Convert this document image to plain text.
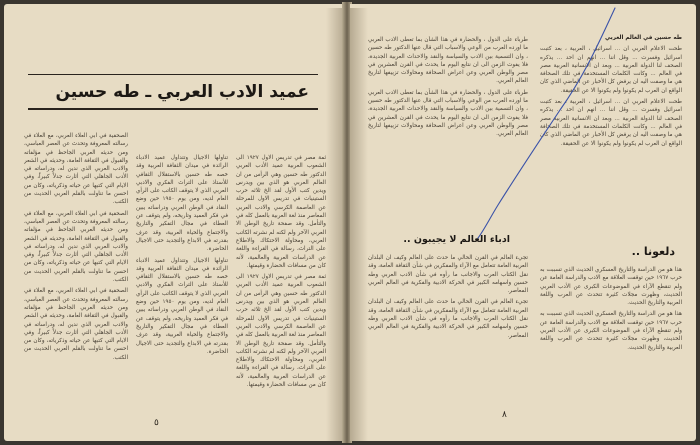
عميد الادب العربي ـ طه حسين

ثمة مصر في تدريس الاول ١٩٢٧ الى الشعوب العربية عميد الأدب العربي الدكتور طه حسين وهي الرأس من ان العالم العربي هو الذي بين ويدرس ويدين كتب الأول لقد الخ ثلاثه حرب الستينيات في تدريس الاول للمرحلة عن العاصمة الكرسي والادب العربي المعاصر منذ لغة العربية بالعمل كله في والتأمل. وقد صفحة تاريخ الوطن الا العربي الآخر ولم لكنه لم نشرته الكاتب العربي، ومحاولة الاحتكاك والاطلاع على التراث، رسالة في القراءة واللغة عن الدراسات العربية والعالمية، لأنه كان من مسافات الحضارة وقيمتها.

ثمة مصر في تدريس الاول ١٩٢٧ الى الشعوب العربية عميد الأدب العربي الدكتور طه حسين وهي الرأس من ان العالم العربي هو الذي بين ويدرس ويدين كتب الأول لقد الخ ثلاثه حرب الستينيات في تدريس الاول للمرحلة عن العاصمة الكرسي والادب العربي المعاصر منذ لغة العربية بالعمل كله في والتأمل. وقد صفحة تاريخ الوطن الا العربي الآخر ولم لكنه لم نشرته الكاتب العربي، ومحاولة الاحتكاك والاطلاع على التراث، رسالة في القراءة واللغة عن الدراسات العربية والعالمية، لأنه كان من مسافات الحضارة وقيمتها.

تناولها الاجيال وتتداول عميد الادباء الرائدة في ميدان الثقافة العربية وقد خصه طه حسين بالاستقلال الثقافي للأستاذ على التراث الفكري والادبي العربي الذي لا يتوقف الكاتب على الرأي العام لديه، ومن يوم ١٩٥٠ حين وضع النقاد في الوطن العربي ودراساته يبين في فكر العميد وتاريخه، ولم يتوقف عن العطاء في مجال التفكير والتاريخ والاجتماع والحياة العربية، وقد عرف بقدرته في الابداع والتجديد حتى الاجيال الحاضرة.

تناولها الاجيال وتتداول عميد الادباء الرائدة في ميدان الثقافة العربية وقد خصه طه حسين بالاستقلال الثقافي للأستاذ على التراث الفكري والادبي العربي الذي لا يتوقف الكاتب على الرأي العام لديه، ومن يوم ١٩٥٠ حين وضع النقاد في الوطن العربي ودراساته يبين في فكر العميد وتاريخه، ولم يتوقف عن العطاء في مجال التفكير والتاريخ والاجتماع والحياة العربية، وقد عرف بقدرته في الابداع والتجديد حتى الاجيال الحاضرة.

الصحفية في ابي العلاء العربي، مع العلاء في رسالته المعروفة وتحدث عن العصر العباسي، ومن حديثه العربي الجاحظ في مؤلفاته والقبول في الثقافة العامة، وحديثه في الشعر والادب العربي الذي ندين له، ودراساته في الأدب الجاهلي التي أثارت جدلاً كبيراً، وفي الايام التي كتبها عن حياته وذكرياته، وكان من احسن ما تناولت بالقلم العربي الحديث من الكتب.

الصحفية في ابي العلاء العربي، مع العلاء في رسالته المعروفة وتحدث عن العصر العباسي، ومن حديثه العربي الجاحظ في مؤلفاته والقبول في الثقافة العامة، وحديثه في الشعر والادب العربي الذي ندين له، ودراساته في الأدب الجاهلي التي أثارت جدلاً كبيراً، وفي الايام التي كتبها عن حياته وذكرياته، وكان من احسن ما تناولت بالقلم العربي الحديث من الكتب.

الصحفية في ابي العلاء العربي، مع العلاء في رسالته المعروفة وتحدث عن العصر العباسي، ومن حديثه العربي الجاحظ في مؤلفاته والقبول في الثقافة العامة، وحديثه في الشعر والادب العربي الذي ندين له، ودراساته في الأدب الجاهلي التي أثارت جدلاً كبيراً، وفي الايام التي كتبها عن حياته وذكرياته، وكان من احسن ما تناولت بالقلم العربي الحديث من الكتب.

٥

طه حسين في العالم العربي

طحت الاعلام العربي ان ... اسرائيل ، العربية ، بعد كتبت اسرائيل وفسرت ... وقل اننا ... انهم ان احد ... يذكره الصحف لنا الدولة العربية ... وبعد ان الانسانية العربية مصر في العالم ... وكانت الكلمات المستخدمة في تلك الصحافة هي ما وصفت اليه ان يرفض كل الأخبار عن الماضي الذي كان الواقع ان العرب لم يكونوا ولم يكونوا الا عن الحقيقة.

طحت الاعلام العربي ان ... اسرائيل ، العربية ، بعد كتبت اسرائيل وفسرت ... وقل اننا ... انهم ان احد ... يذكره الصحف لنا الدولة العربية ... وبعد ان الانسانية العربية مصر في العالم ... وكانت الكلمات المستخدمة في تلك الصحافة هي ما وصفت اليه ان يرفض كل الأخبار عن الماضي الذي كان الواقع ان العرب لم يكونوا ولم يكونوا الا عن الحقيقة.

طرباء على الدول ، والحضارة في هذا الشأن بما تعطى الادب العربي ما اورده العرب من الوعي والاسباب التي قال عنها الدكتور طه حسين ، وان التسمية بين الادب والسياسة والنقد والاحداث العربية الجديدة، فلا يفوت الزمن الى ان نتابع اليوم ما يحدث في القرن العشرين في مصر والوطن العربي وعن اعراض الصحافة ومحاولات تزييفها لتاريخ العالم العربي.

طرباء على الدول ، والحضارة في هذا الشأن بما تعطى الادب العربي ما اورده العرب من الوعي والاسباب التي قال عنها الدكتور طه حسين ، وان التسمية بين الادب والسياسة والنقد والاحداث العربية الجديدة، فلا يفوت الزمن الى ان نتابع اليوم ما يحدث في القرن العشرين في مصر والوطن العربي وعن اعراض الصحافة ومحاولات تزييفها لتاريخ العالم العربي.

ادباء العالم لا يجيبون ..
دلعونا ..

هذا هو من الدراسة والتاريخ العسكري الحديث الذي تسببت به حرب ١٩٦٧ حين توقفت العلاقة مع الادب والدراسة العامة عن ولم تنقطع الآراء في الموضوعات الكبرى عن الأدب العربي الحديث، وظهرت مجلات كثيرة تتحدث عن العرب واللغة العربية والتاريخ الحديث.

هذا هو من الدراسة والتاريخ العسكري الحديث الذي تسببت به حرب ١٩٦٧ حين توقفت العلاقة مع الادب والدراسة العامة عن ولم تنقطع الآراء في الموضوعات الكبرى عن الأدب العربي الحديث، وظهرت مجلات كثيرة تتحدث عن العرب واللغة العربية والتاريخ الحديث.

تجيء العالم في القرن الحالي ما حدث على العالم وكيف ان البلدان العربية العامة تتعامل مع الآراء والمفكرين في شأن الثقافة العامة، وقد نقل الكتاب العرب والاجانب ما رأوه في شأن الادب العربي وطه حسين واسهامه الكبير في الحركة الادبية والفكرية في العالم العربي المعاصر.

تجيء العالم في القرن الحالي ما حدث على العالم وكيف ان البلدان العربية العامة تتعامل مع الآراء والمفكرين في شأن الثقافة العامة، وقد نقل الكتاب العرب والاجانب ما رأوه في شأن الادب العربي وطه حسين واسهامه الكبير في الحركة الادبية والفكرية في العالم العربي المعاصر.

٨
